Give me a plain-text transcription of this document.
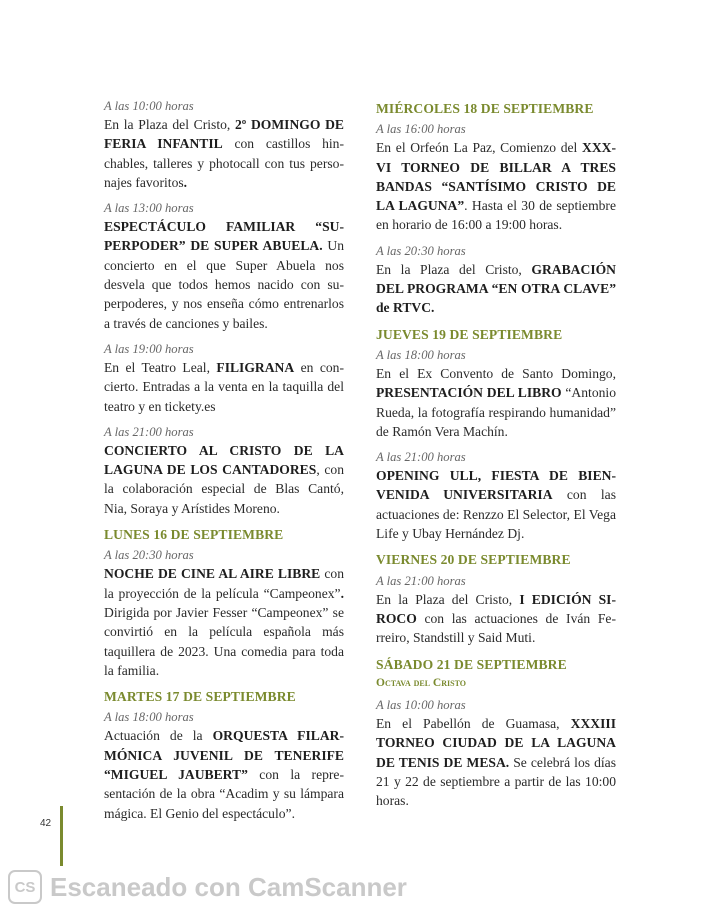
A las 10:00 horas
En la Plaza del Cristo, 2º DOMINGO DE FERIA INFANTIL con castillos hinchables, talleres y photocall con tus personajes favoritos.
A las 13:00 horas
ESPECTÁCULO FAMILIAR “SUPERPODER” DE SUPER ABUELA. Un concierto en el que Super Abuela nos desvela que todos hemos nacido con superpoderes, y nos enseña cómo entrenarlos a través de canciones y bailes.
A las 19:00 horas
En el Teatro Leal, FILIGRANA en concierto. Entradas a la venta en la taquilla del teatro y en tickety.es
A las 21:00 horas
CONCIERTO AL CRISTO DE LA LAGUNA DE LOS CANTADORES, con la colaboración especial de Blas Cantó, Nia, Soraya y Arístides Moreno.
LUNES 16 DE SEPTIEMBRE
A las 20:30 horas
NOCHE DE CINE AL AIRE LIBRE con la proyección de la película “Campeonex”. Dirigida por Javier Fesser “Campeonex” se convirtió en la película española más taquillera de 2023. Una comedia para toda la familia.
MARTES 17 DE SEPTIEMBRE
A las 18:00 horas
Actuación de la ORQUESTA FILARMÓNICA JUVENIL DE TENERIFE “MIGUEL JAUBERT” con la representación de la obra “Acadim y su lámpara mágica. El Genio del espectáculo”.
MIÉRCOLES 18 DE SEPTIEMBRE
A las 16:00 horas
En el Orfeón La Paz, Comienzo del XXXVI TORNEO DE BILLAR A TRES BANDAS “SANTÍSIMO CRISTO DE LA LAGUNA”. Hasta el 30 de septiembre en horario de 16:00 a 19:00 horas.
A las 20:30 horas
En la Plaza del Cristo, GRABACIÓN DEL PROGRAMA “EN OTRA CLAVE” de RTVC.
JUEVES 19 DE SEPTIEMBRE
A las 18:00 horas
En el Ex Convento de Santo Domingo, PRESENTACIÓN DEL LIBRO “Antonio Rueda, la fotografía respirando humanidad” de Ramón Vera Machín.
A las 21:00 horas
OPENING ULL, FIESTA DE BIENVENIDA UNIVERSITARIA con las actuaciones de: Renzzo El Selector, El Vega Life y Ubay Hernández Dj.
VIERNES 20 DE SEPTIEMBRE
A las 21:00 horas
En la Plaza del Cristo, I EDICIÓN SIROCO con las actuaciones de Iván Ferreiro, Standstill y Said Muti.
SÁBADO 21 DE SEPTIEMBRE
Octava del Cristo
A las 10:00 horas
En el Pabellón de Guamasa, XXXIII TORNEO CIUDAD DE LA LAGUNA DE TENIS DE MESA. Se celebrá los días 21 y 22 de septiembre a partir de las 10:00 horas.
42
CS Escaneado con CamScanner
